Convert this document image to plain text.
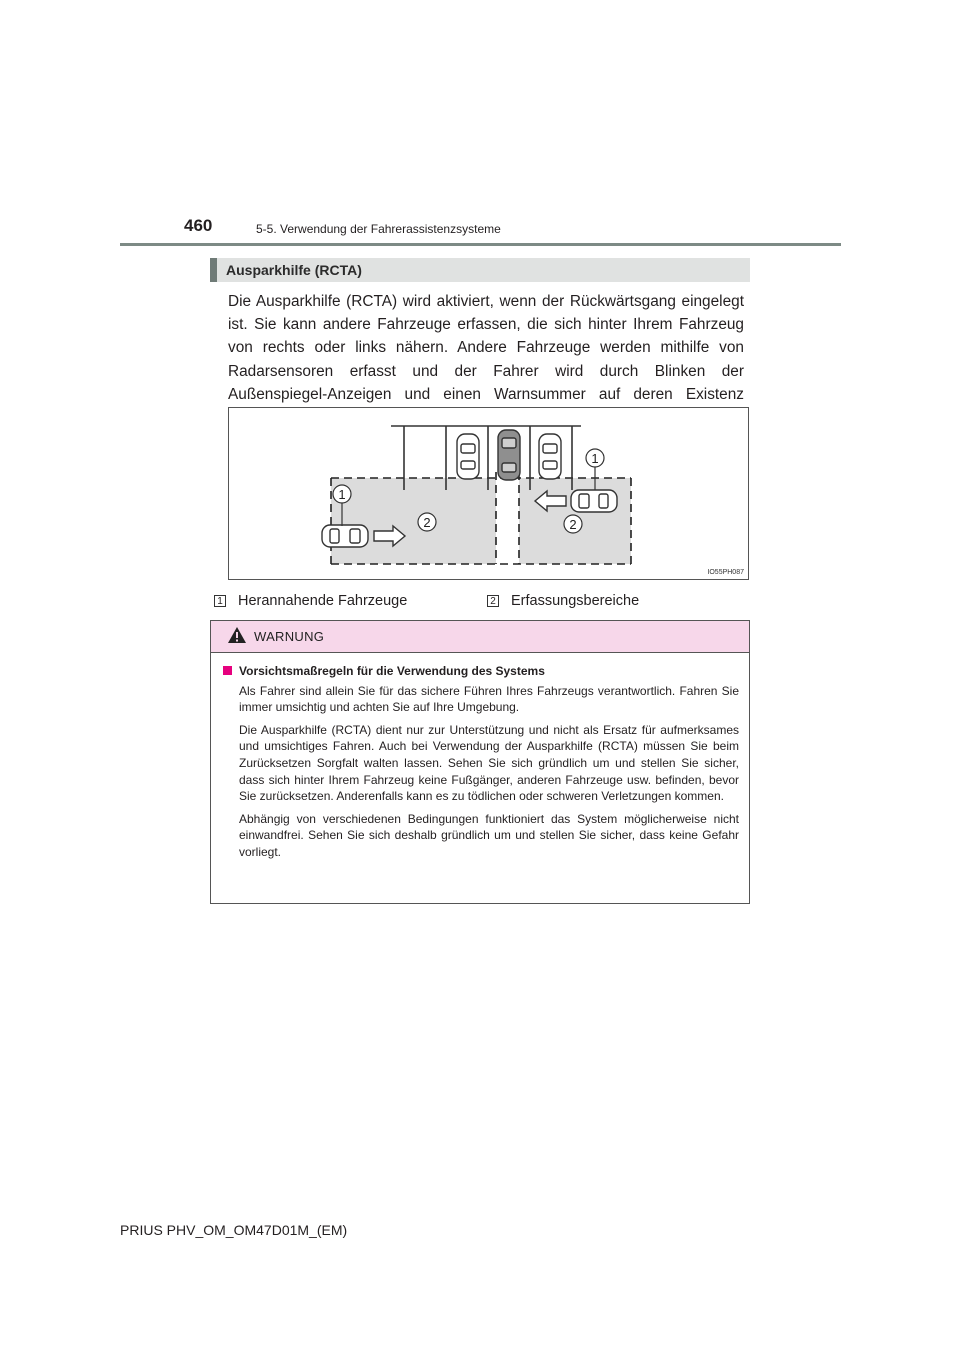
460	5-5. Verwendung der Fahrerassistenzsysteme
Ausparkhilfe (RCTA)

Die Ausparkhilfe (RCTA) wird aktiviert, wenn der Rückwärtsgang eingelegt ist. Sie kann andere Fahrzeuge erfassen, die sich hinter Ihrem Fahrzeug von rechts oder links nähern. Andere Fahrzeuge werden mithilfe von Radarsensoren erfasst und der Fahrer wird durch Blinken der Außenspiegel-Anzeigen und einen Warnsummer auf deren Existenz

1
1
2	2
IO55PH087
1 Herannahende Fahrzeuge	2 Erfassungsbereiche
WARNUNG
Vorsichtsmaßregeln für die Verwendung des Systems

Als Fahrer sind allein Sie für das sichere Führen Ihres Fahrzeugs verantwortlich. Fahren Sie immer umsichtig und achten Sie auf Ihre Umgebung.

Die Ausparkhilfe (RCTA) dient nur zur Unterstützung und nicht als Ersatz für aufmerksames und umsichtiges Fahren. Auch bei Verwendung der Ausparkhilfe (RCTA) müssen Sie beim Zurücksetzen Sorgfalt walten lassen. Sehen Sie sich gründlich um und stellen Sie sicher, dass sich hinter Ihrem Fahrzeug keine Fußgänger, anderen Fahrzeuge usw. befinden, bevor Sie zurücksetzen. Anderenfalls kann es zu tödlichen oder schweren Verletzungen kommen.

Abhängig von verschiedenen Bedingungen funktioniert das System möglicherweise nicht einwandfrei. Sehen Sie sich deshalb gründlich um und stellen Sie sicher, dass keine Gefahr vorliegt.

PRIUS PHV_OM_OM47D01M_(EM)
